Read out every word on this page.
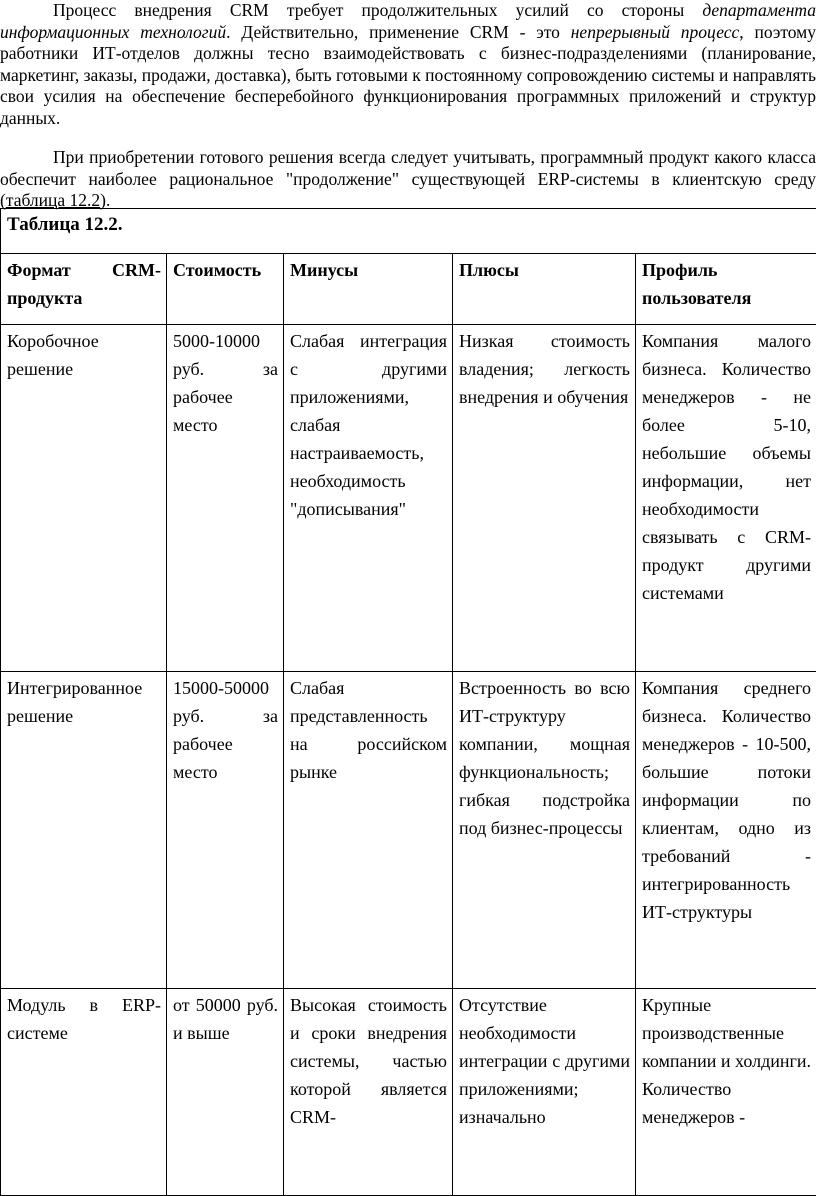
Процесс внедрения CRM требует продолжительных усилий со стороны департамента информационных технологий. Действительно, применение CRM - это непрерывный процесс, поэтому работники ИТ-отделов должны тесно взаимодействовать с бизнес-подразделениями (планирование, маркетинг, заказы, продажи, доставка), быть готовыми к постоянному сопровождению системы и направлять свои усилия на обеспечение бесперебойного функционирования программных приложений и структур данных.

При приобретении готового решения всегда следует учитывать, программный продукт какого класса обеспечит наиболее рациональное "продолжение" существующей ERP-системы в клиентскую среду (таблица 12.2).

Таблица 12.2.				
Формат CRM-продукта	Стоимость	Минусы	Плюсы	Профиль пользователя
Коробочное решение	5000-10000 руб. за рабочее место	Слабая интеграция с другими приложениями, слабая настраиваемость, необходимость "дописывания"	Низкая стоимость владения; легкость внедрения и обучения	Компания малого бизнеса. Количество менеджеров - не более 5-10, небольшие объемы информации, нет необходимости связывать с CRM-продукт другими системами
Интегрированное решение	15000-50000 руб. за рабочее место	Слабая представленность на российском рынке	Встроенность во всю ИТ-структуру компании, мощная функциональность; гибкая подстройка под бизнес-процессы	Компания среднего бизнеса. Количество менеджеров - 10-500, большие потоки информации по клиентам, одно из требований - интегрированность ИТ-структуры
Модуль в ERP-системе	от 50000 руб. и выше	Высокая стоимость и сроки внедрения системы, частью которой является CRM-	Отсутствие необходимости интеграции с другими приложениями; изначально	Крупные производственные компании и холдинги. Количество менеджеров -
